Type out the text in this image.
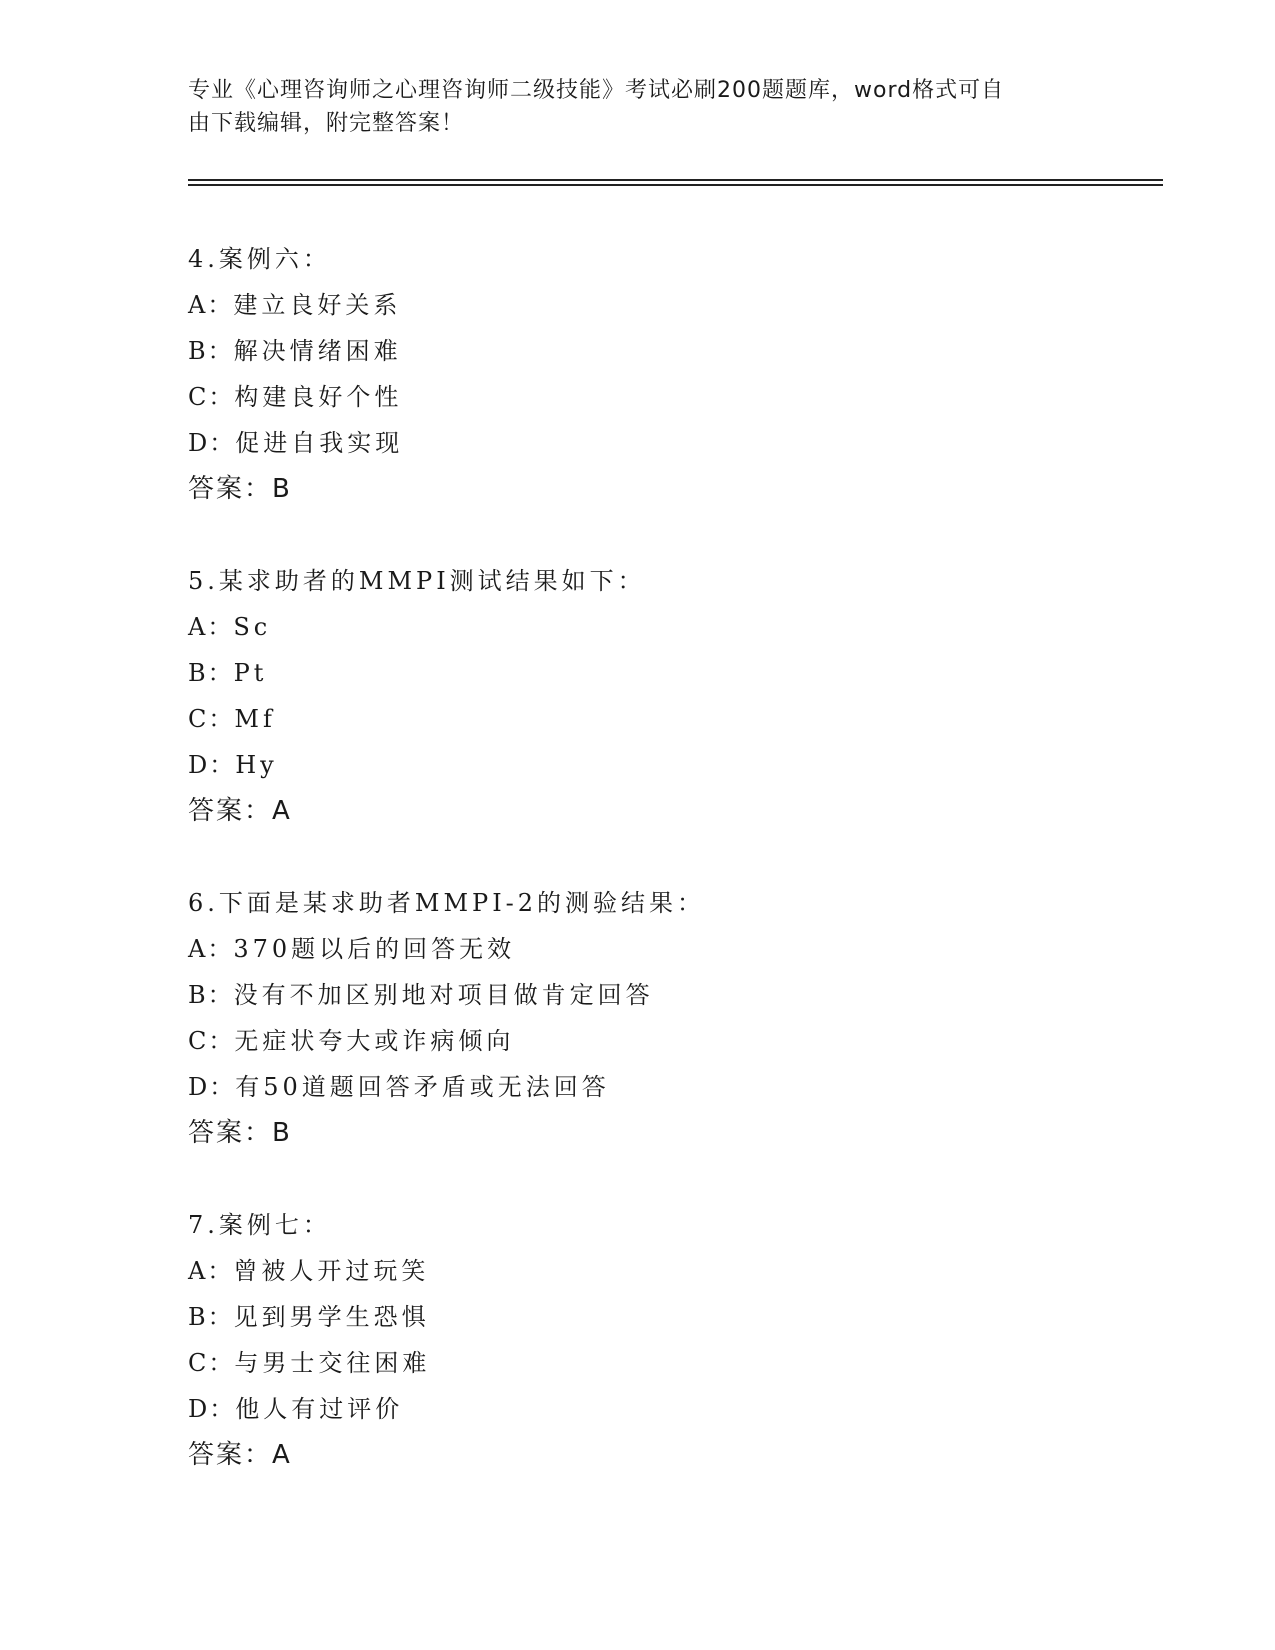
专业《心理咨询师之心理咨询师二级技能》考试必刷200题题库，word格式可自
由下载编辑，附完整答案！
4.案例六：
A：建立良好关系
B：解决情绪困难
C：构建良好个性
D：促进自我实现
答案：B
5.某求助者的MMPI测试结果如下：
A：Sc
B：Pt
C：Mf
D：Hy
答案：A
6.下面是某求助者MMPI-2的测验结果：
A：370题以后的回答无效
B：没有不加区别地对项目做肯定回答
C：无症状夸大或诈病倾向
D：有50道题回答矛盾或无法回答
答案：B
7.案例七：
A：曾被人开过玩笑
B：见到男学生恐惧
C：与男士交往困难
D：他人有过评价
答案：A
